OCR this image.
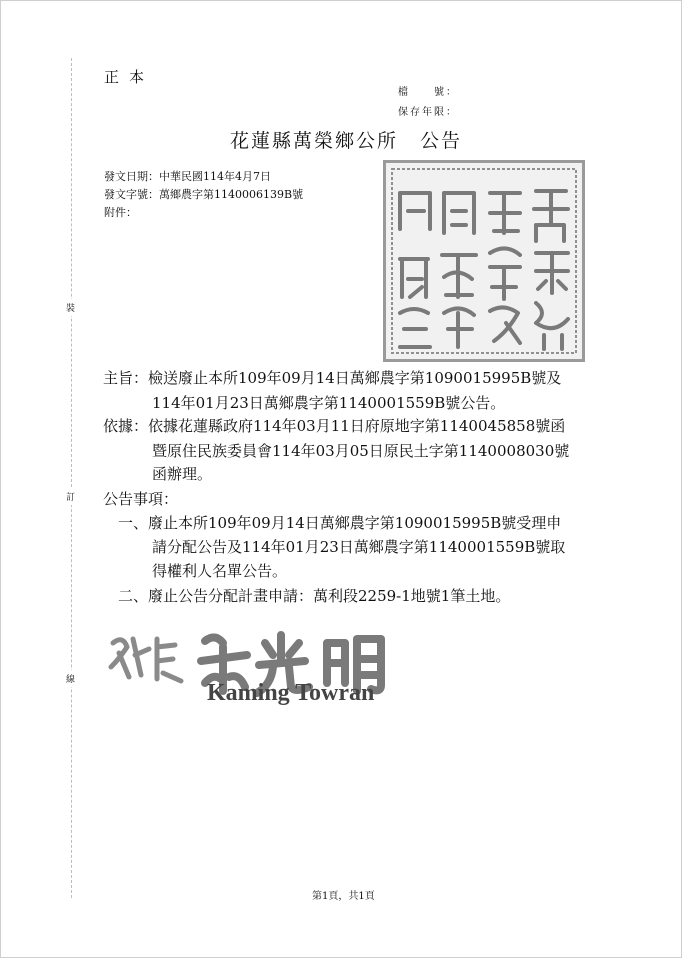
正本
檔　　號：
保存年限：
花蓮縣萬榮鄉公所 公告
發文日期：中華民國114年4月7日
發文字號：萬鄉農字第1140006139B號
附件：
裝
訂
線
主旨：檢送廢止本所109年09月14日萬鄉農字第1090015995B號及
114年01月23日萬鄉農字第1140001559B號公告。
依據：依據花蓮縣政府114年03月11日府原地字第1140045858號函
暨原住民族委員會114年03月05日原民土字第1140008030號
函辦理。
公告事項：
一、廢止本所109年09月14日萬鄉農字第1090015995B號受理申
請分配公告及114年01月23日萬鄉農字第1140001559B號取
得權利人名單公告。
二、廢止公告分配計畫申請：萬利段2259-1地號1筆土地。
Kaming Towran
第1頁，共1頁
